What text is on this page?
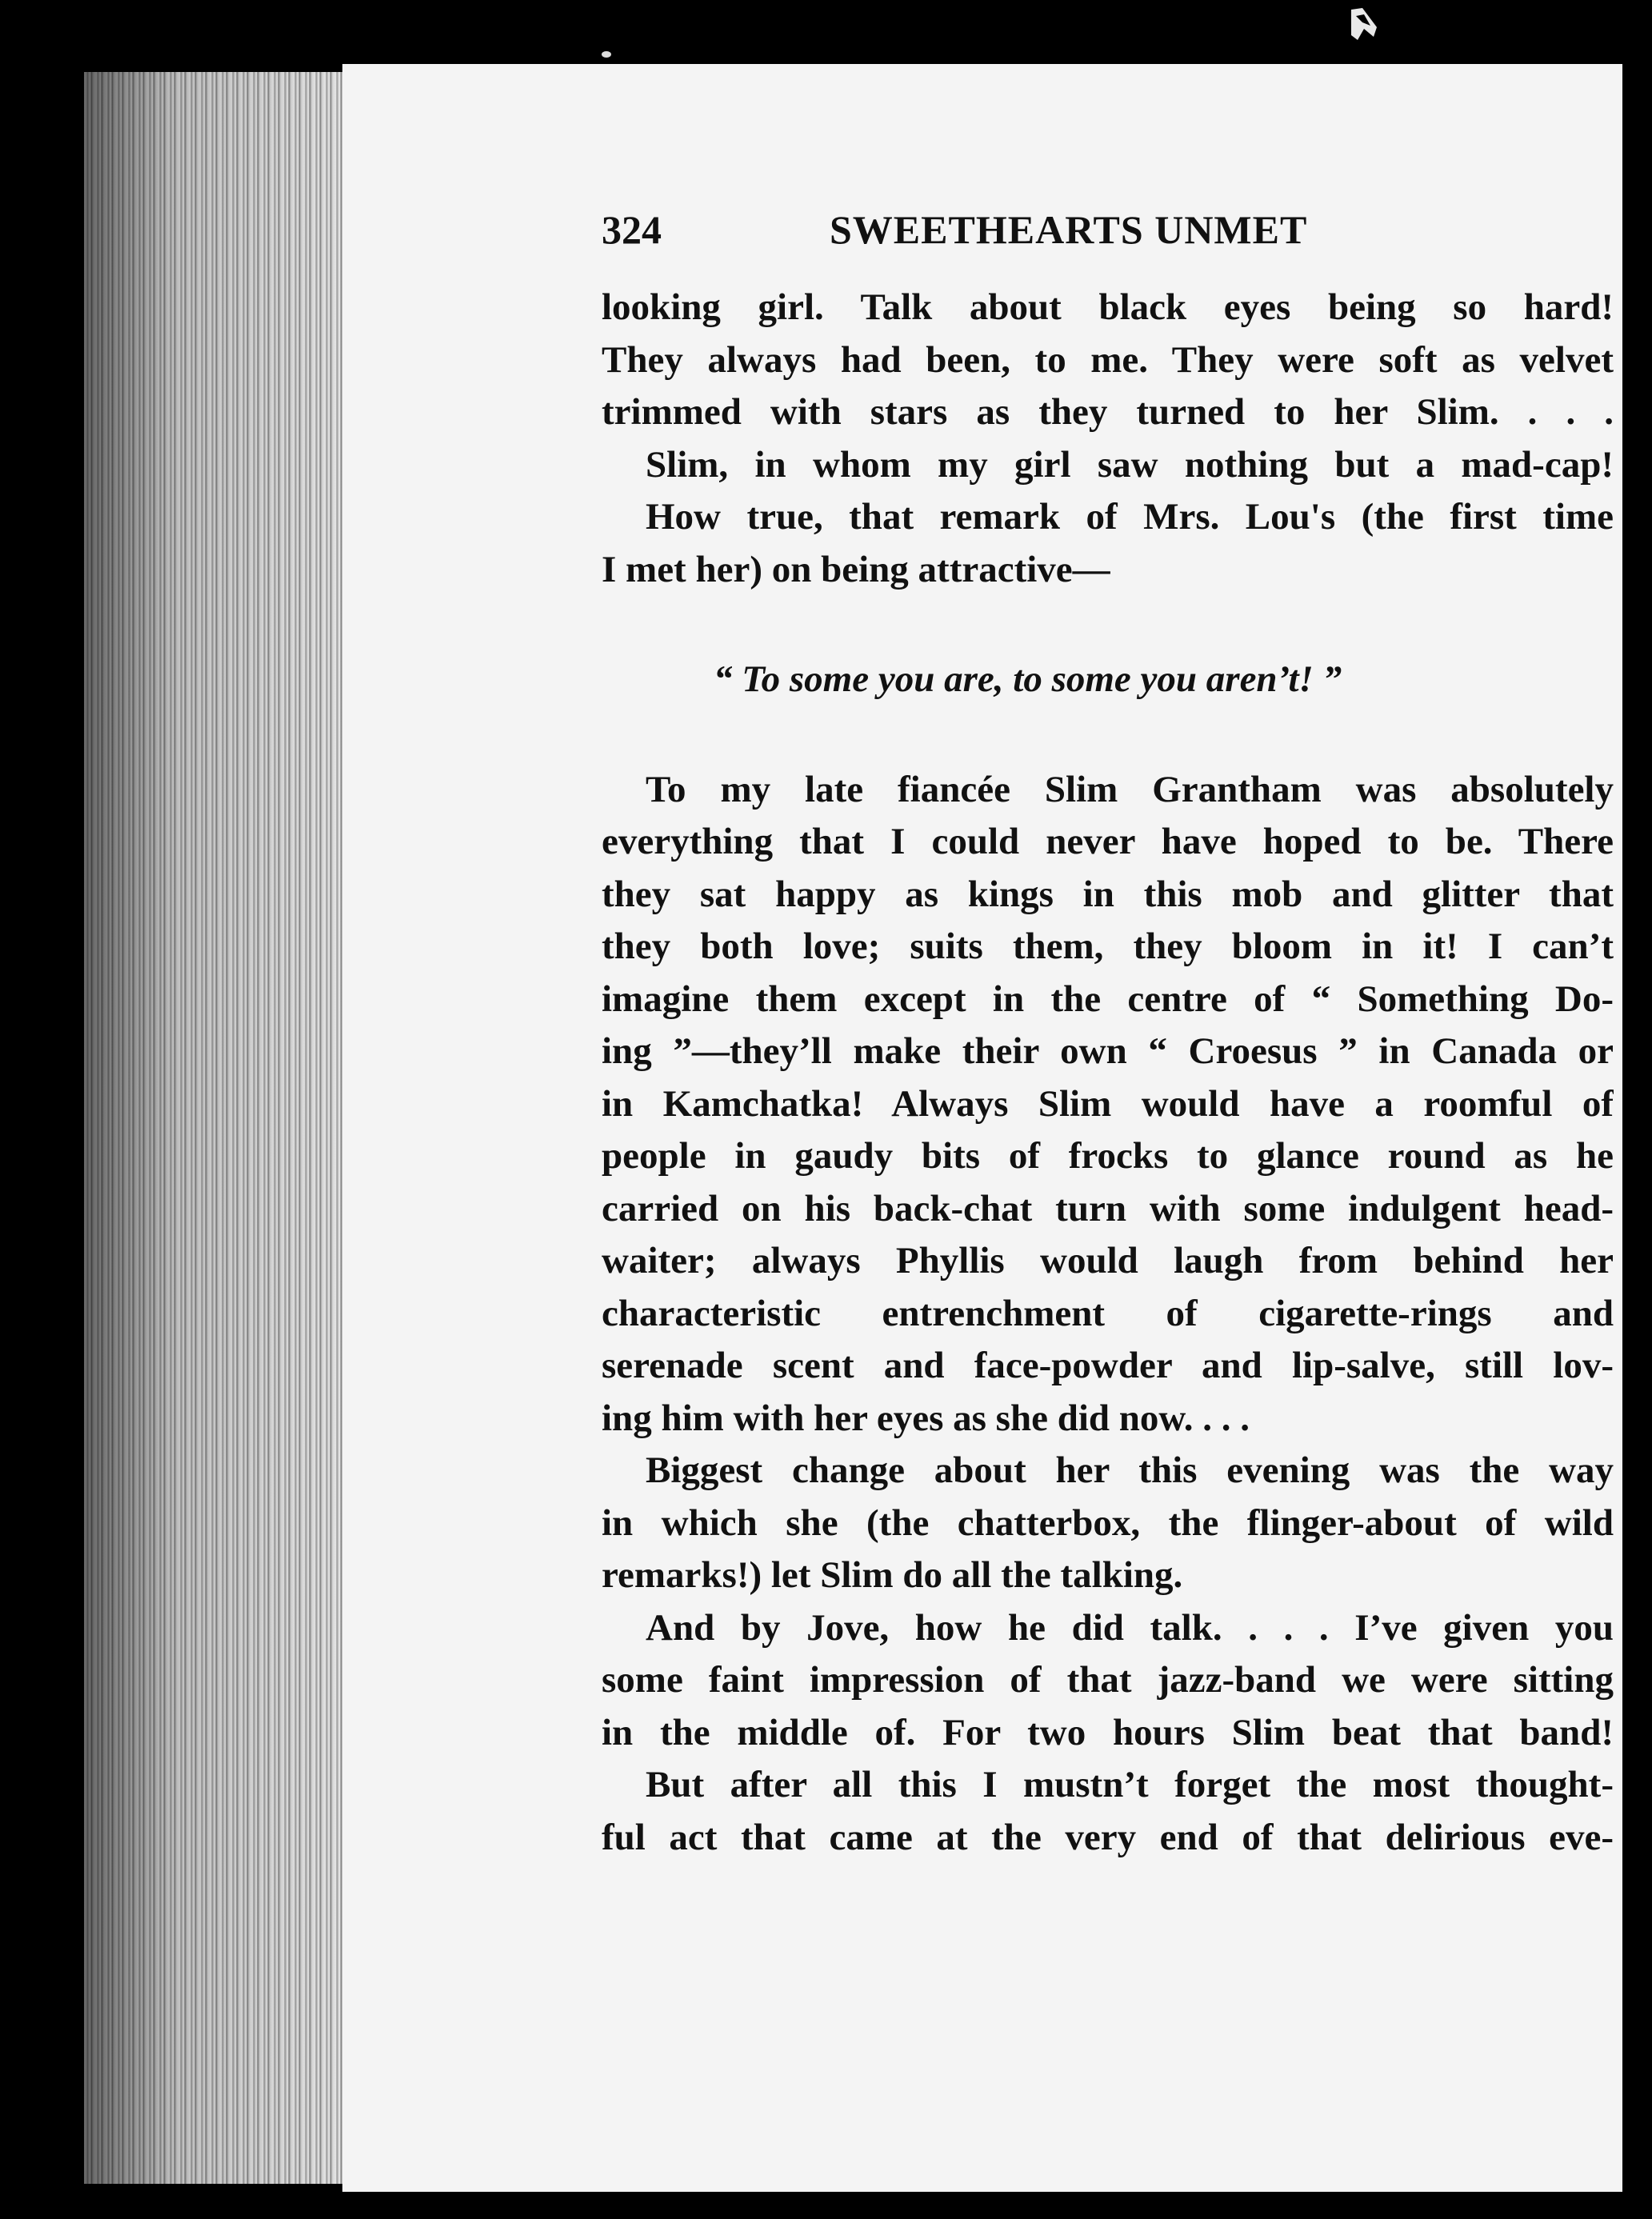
324	SWEETHEARTS UNMET
looking girl. Talk about black eyes being so hard!
They always had been, to me. They were soft as velvet
trimmed with stars as they turned to her Slim. . . .
Slim, in whom my girl saw nothing but a mad-cap!
How true, that remark of Mrs. Lou's (the first time
I met her) on being attractive—
“ To some you are, to some you aren’t! ”
To my late fiancée Slim Grantham was absolutely
everything that I could never have hoped to be. There
they sat happy as kings in this mob and glitter that
they both love; suits them, they bloom in it! I can’t
imagine them except in the centre of “ Something Do-
ing ”—they’ll make their own “ Croesus ” in Canada or
in Kamchatka! Always Slim would have a roomful of
people in gaudy bits of frocks to glance round as he
carried on his back-chat turn with some indulgent head-
waiter; always Phyllis would laugh from behind her
characteristic entrenchment of cigarette-rings and
serenade scent and face-powder and lip-salve, still lov-
ing him with her eyes as she did now. . . .
Biggest change about her this evening was the way
in which she (the chatterbox, the flinger-about of wild
remarks!) let Slim do all the talking.
And by Jove, how he did talk. . . . I’ve given you
some faint impression of that jazz-band we were sitting
in the middle of. For two hours Slim beat that band!
But after all this I mustn’t forget the most thought-
ful act that came at the very end of that delirious eve-
